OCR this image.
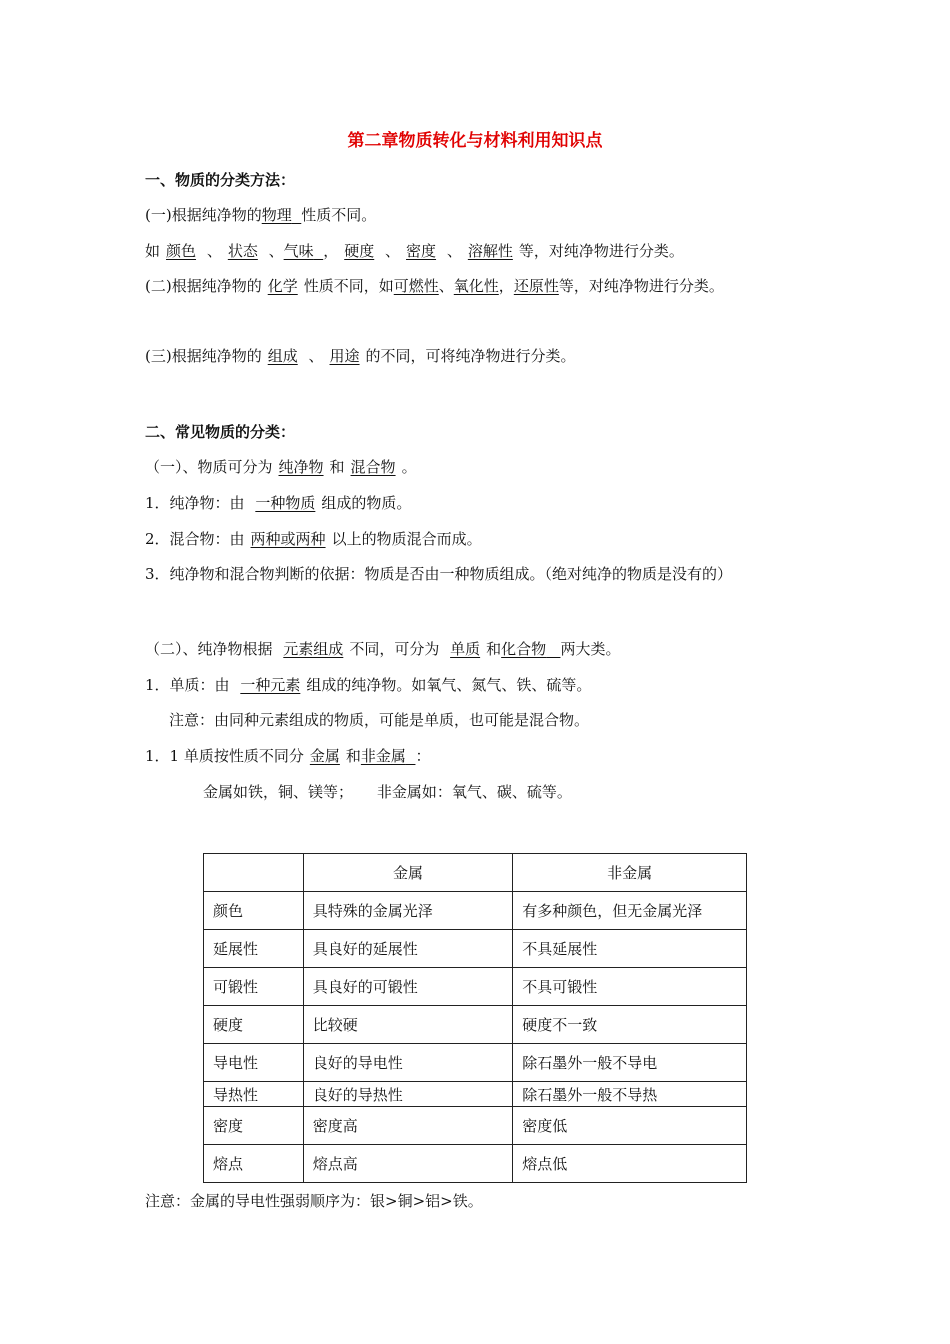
第二章物质转化与材料利用知识点
一、物质的分类方法：
(一)根据纯净物的物理 性质不同。
如 颜色 、 状态 、气味 ， 硬度 、 密度 、 溶解性 等，对纯净物进行分类。
(二)根据纯净物的 化学 性质不同，如可燃性、氧化性，还原性等，对纯净物进行分类。
(三)根据纯净物的 组成 、 用途 的不同，可将纯净物进行分类。
二、常见物质的分类：
（一）、物质可分为 纯净物 和 混合物 。
1．纯净物：由 一种物质 组成的物质。
2．混合物：由 两种或两种 以上的物质混合而成。
3．纯净物和混合物判断的依据：物质是否由一种物质组成。（绝对纯净的物质是没有的）
（二）、纯净物根据 元素组成 不同，可分为 单质 和化合物 两大类。
1．单质：由 一种元素 组成的纯净物。如氧气、氮气、铁、硫等。
注意：由同种元素组成的物质，可能是单质，也可能是混合物。
1．1 单质按性质不同分 金属 和非金属 ：
金属如铁，铜、镁等；     非金属如：氧气、碳、硫等。
	金属	非金属
颜色	具特殊的金属光泽	有多种颜色，但无金属光泽
延展性	具良好的延展性	不具延展性
可锻性	具良好的可锻性	不具可锻性
硬度	比较硬	硬度不一致
导电性	良好的导电性	除石墨外一般不导电
导热性	良好的导热性	除石墨外一般不导热
密度	密度高	密度低
熔点	熔点高	熔点低
注意：金属的导电性强弱顺序为：银>铜>铝>铁。
